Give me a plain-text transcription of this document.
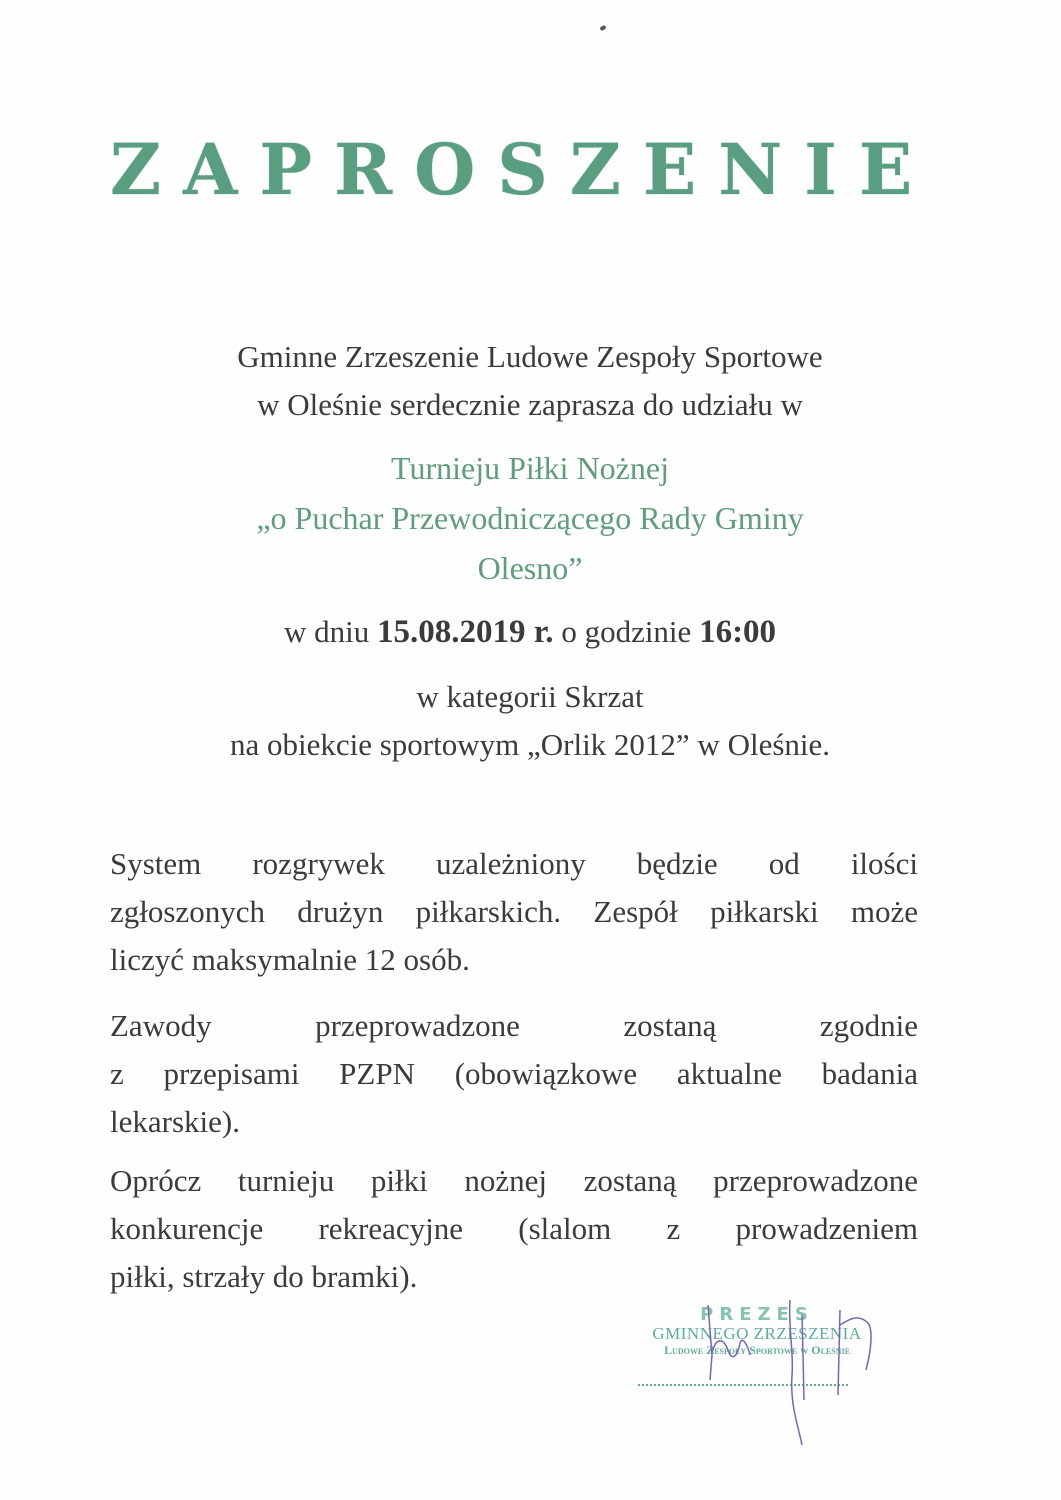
ZAPROSZENIE
Gminne Zrzeszenie Ludowe Zespoły Sportowe
w Oleśnie serdecznie zaprasza do udziału w
Turnieju Piłki Nożnej
„o Puchar Przewodniczącego Rady Gminy
Olesno”
w dniu 15.08.2019 r. o godzinie 16:00
w kategorii Skrzat
na obiekcie sportowym „Orlik 2012” w Oleśnie.
System rozgrywek uzależniony będzie od ilości
zgłoszonych drużyn piłkarskich. Zespół piłkarski może
liczyć maksymalnie 12 osób.
Zawody przeprowadzone zostaną zgodnie
z przepisami PZPN (obowiązkowe aktualne badania
lekarskie).
Oprócz turnieju piłki nożnej zostaną przeprowadzone
konkurencje rekreacyjne (slalom z prowadzeniem
piłki, strzały do bramki).
PREZES
GMINNEGO ZRZESZENIA
Ludowe Zespoły Sportowe w Oleśnie
